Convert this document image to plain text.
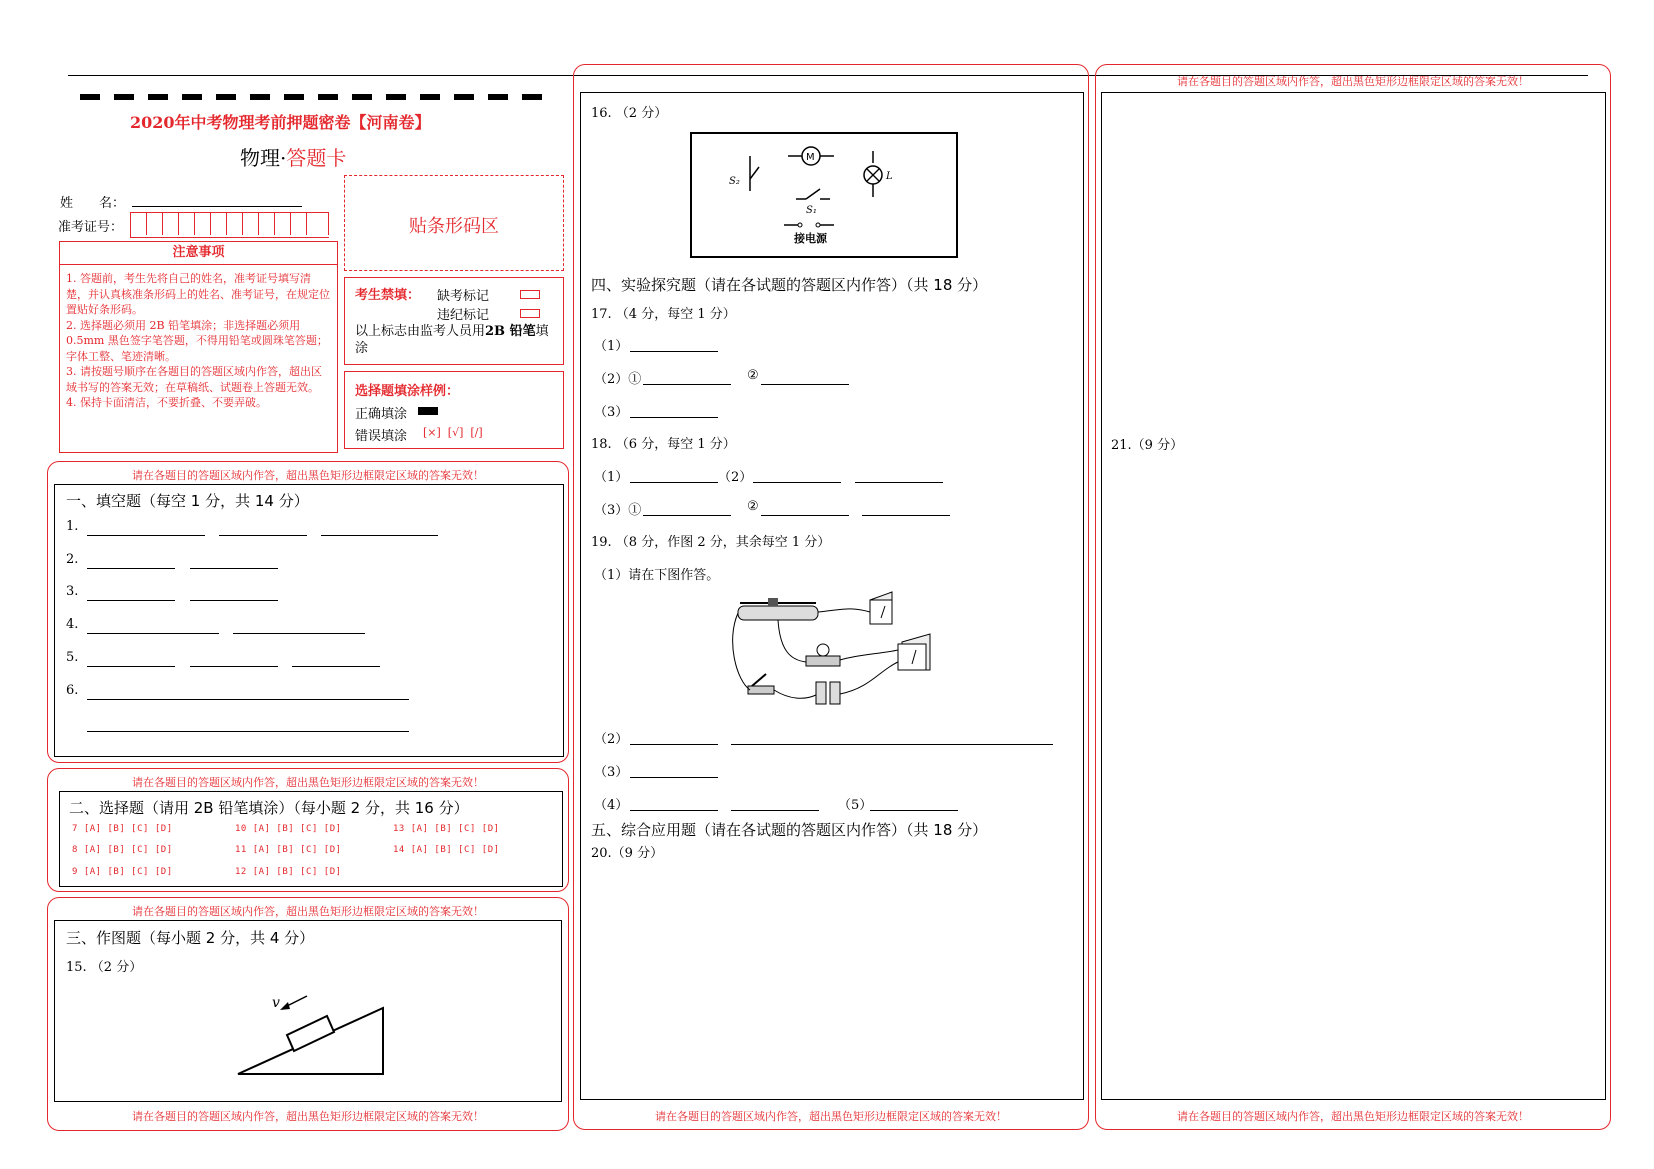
2020年中考物理考前押题密卷【河南卷】
物理·答题卡
姓　　名：
准考证号：	贴条形码区
注意事项
1. 答题前，考生先将自己的姓名，准考证号填写清楚，并认真核准条形码上的姓名、准考证号，在规定位置贴好条形码。
2. 选择题必须用 2B 铅笔填涂；非选择题必须用 0.5mm 黑色签字笔答题，不得用铅笔或圆珠笔答题；字体工整、笔迹清晰。
3. 请按题号顺序在各题目的答题区域内作答，超出区域书写的答案无效；在草稿纸、试题卷上答题无效。
4. 保持卡面清洁，不要折叠、不要弄破。
考生禁填： 缺考标记
违纪标记
以上标志由监考人员用2B 铅笔填涂
选择题填涂样例：
正确填涂
错误填涂 [×]  [√]  [/]
请在各题目的答题区域内作答，超出黑色矩形边框限定区域的答案无效！
一、填空题（每空 1 分，共 14 分）
1.
2.
3.
4.
5.
6.
请在各题目的答题区域内作答，超出黑色矩形边框限定区域的答案无效！
二、选择题（请用 2B 铅笔填涂）（每小题 2 分，共 16 分）
7 [A] [B] [C] [D]	10 [A] [B] [C] [D]	13 [A] [B] [C] [D]
8 [A] [B] [C] [D]	11 [A] [B] [C] [D]	14 [A] [B] [C] [D]
9 [A] [B] [C] [D]	12 [A] [B] [C] [D]
请在各题目的答题区域内作答，超出黑色矩形边框限定区域的答案无效！
三、作图题（每小题 2 分，共 4 分）
15. （2 分）
v
请在各题目的答题区域内作答，超出黑色矩形边框限定区域的答案无效！
16. （2 分）
S₂
M
L
S₁
接电源
四、实验探究题（请在各试题的答题区内作答）（共 18 分）
17. （4 分，每空 1 分）
（1）
（2）①	②
（3）
18. （6 分，每空 1 分）
（1）	（2）
（3）①	②
19. （8 分，作图 2 分，其余每空 1 分）
（1）请在下图作答。
（2）
（3）
（4）	（5）
五、综合应用题（请在各试题的答题区内作答）（共 18 分）
20.（9 分）
请在各题目的答题区域内作答，超出黑色矩形边框限定区域的答案无效！
请在各题目的答题区域内作答，超出黑色矩形边框限定区域的答案无效！
21.（9 分）
请在各题目的答题区域内作答，超出黑色矩形边框限定区域的答案无效！
